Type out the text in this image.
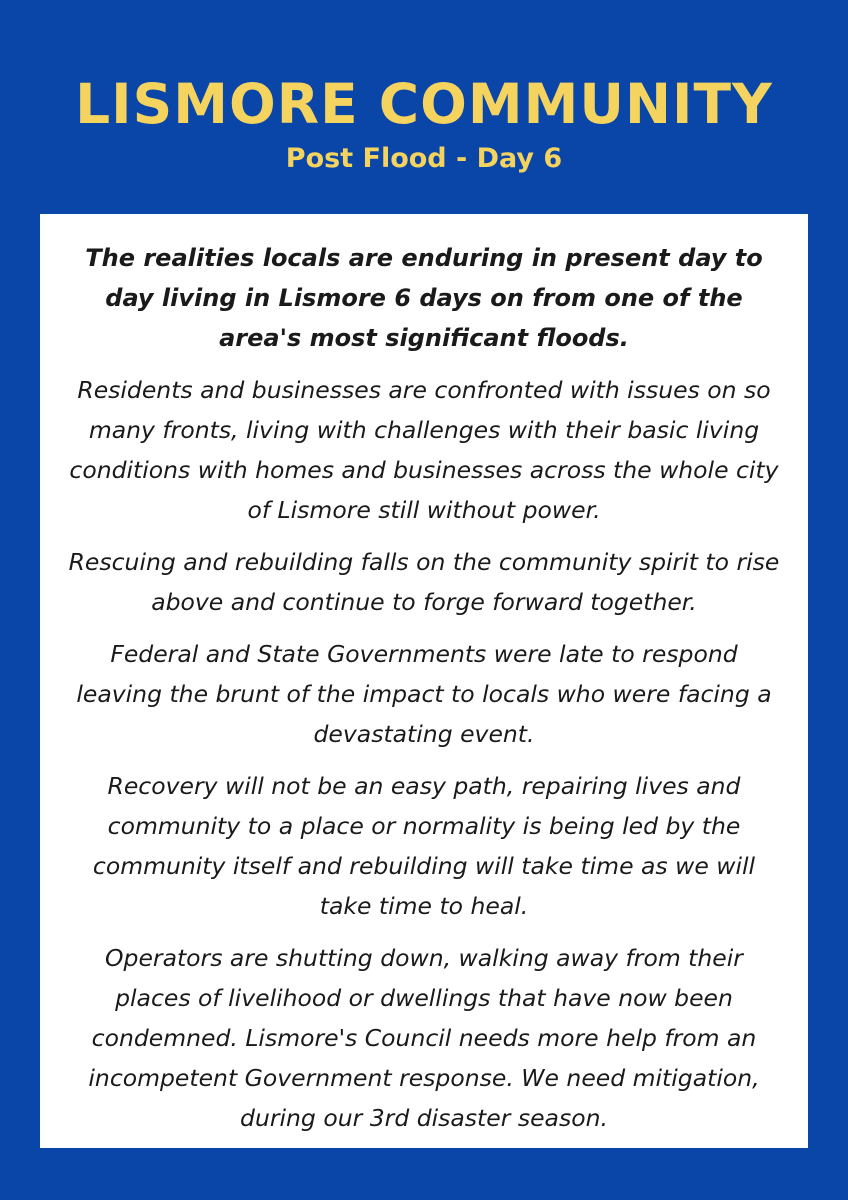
LISMORE COMMUNITY
Post Flood - Day 6

The realities locals are enduring in present day to day living in Lismore 6 days on from one of the area's most significant floods.

Residents and businesses are confronted with issues on so many fronts, living with challenges with their basic living conditions with homes and businesses across the whole city of Lismore still without power.

Rescuing and rebuilding falls on the community spirit to rise above and continue to forge forward together.

Federal and State Governments were late to respond leaving the brunt of the impact to locals who were facing a devastating event.

Recovery will not be an easy path, repairing lives and community to a place or normality is being led by the community itself and rebuilding will take time as we will take time to heal.

Operators are shutting down, walking away from their places of livelihood or dwellings that have now been condemned. Lismore's Council needs more help from an incompetent Government response. We need mitigation, during our 3rd disaster season.
